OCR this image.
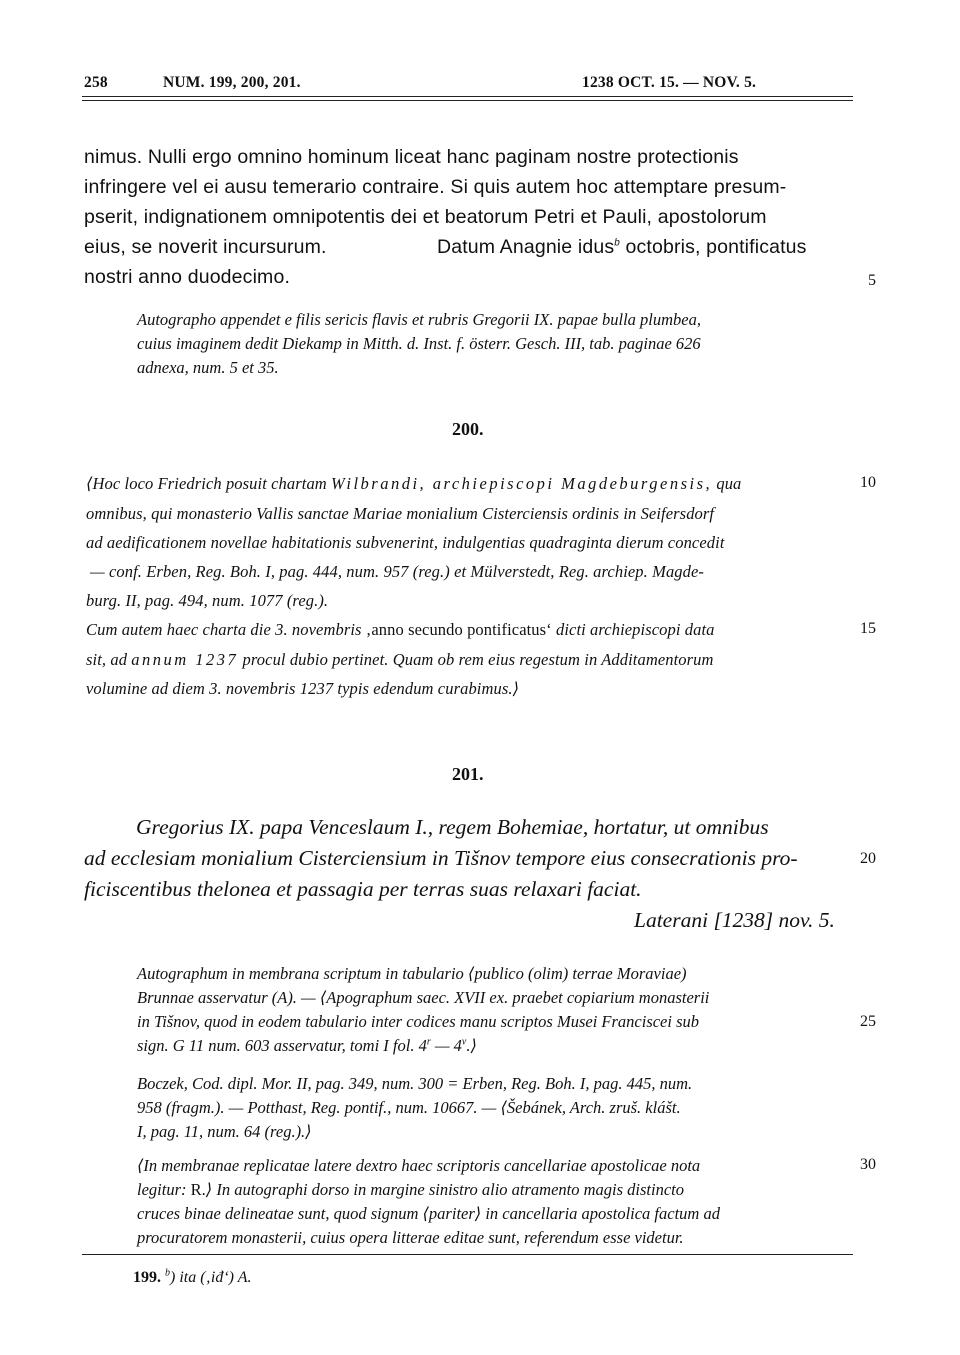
258	NUM. 199, 200, 201.	1238 OCT. 15. — NOV. 5.
nimus. Nulli ergo omnino hominum liceat hanc paginam nostre protectionis
infringere vel ei ausu temerario contraire. Si quis autem hoc attemptare presum-
pserit, indignationem omnipotentis dei et beatorum Petri et Pauli, apostolorum
eius, se noverit incursurum.	Datum Anagnie idus$^b$ octobris, pontificatus
nostri anno duodecimo.	5
Autographo appendet e filis sericis flavis et rubris Gregorii IX. papae bulla plumbea,
cuius imaginem dedit Diekamp in Mitth. d. Inst. f. österr. Gesch. III, tab. paginae 626
adnexa, num. 5 et 35.
200.
⟨Hoc loco Friedrich posuit chartam Wilbrandi, archiepiscopi Magdeburgensis, qua	10
omnibus, qui monasterio Vallis sanctae Mariae monialium Cisterciensis ordinis in Seifersdorf
ad aedificationem novellae habitationis subvenerint, indulgentias quadraginta dierum concedit
— conf. Erben, Reg. Boh. I, pag. 444, num. 957 (reg.) et Mülverstedt, Reg. archiep. Magde-
burg. II, pag. 494, num. 1077 (reg.).
Cum autem haec charta die 3. novembris ‚anno secundo pontificatus‘ dicti archiepiscopi data	15
sit, ad annum 1237 procul dubio pertinet. Quam ob rem eius regestum in Additamentorum
volumine ad diem 3. novembris 1237 typis edendum curabimus.⟩
201.
Gregorius IX. papa Venceslaum I., regem Bohemiae, hortatur, ut omnibus
ad ecclesiam monialium Cisterciensium in Tišnov tempore eius consecrationis pro-	20
ficiscentibus thelonea et passagia per terras suas relaxari faciat.
Laterani [1238] nov. 5.
Autographum in membrana scriptum in tabulario ⟨publico (olim) terrae Moraviae)
Brunnae asservatur (A). — ⟨Apographum saec. XVII ex. praebet copiarium monasterii
in Tišnov, quod in eodem tabulario inter codices manu scriptos Musei Franciscei sub	25
sign. G 11 num. 603 asservatur, tomi I fol. 4$^r$ — 4$^v$.⟩
Boczek, Cod. dipl. Mor. II, pag. 349, num. 300 = Erben, Reg. Boh. I, pag. 445, num.
958 (fragm.). — Potthast, Reg. pontif., num. 10667. — ⟨Šebánek, Arch. zruš. klášt.
I, pag. 11, num. 64 (reg.).⟩
⟨In membranae replicatae latere dextro haec scriptoris cancellariae apostolicae nota	30
legitur: R.⟩ In autographi dorso in margine sinistro alio atramento magis distincto
cruces binae delineatae sunt, quod signum ⟨pariter⟩ in cancellaria apostolica factum ad
procuratorem monasterii, cuius opera litterae editae sunt, referendum esse videtur.
199. $^b$) ita (‚iđ‘) A.
